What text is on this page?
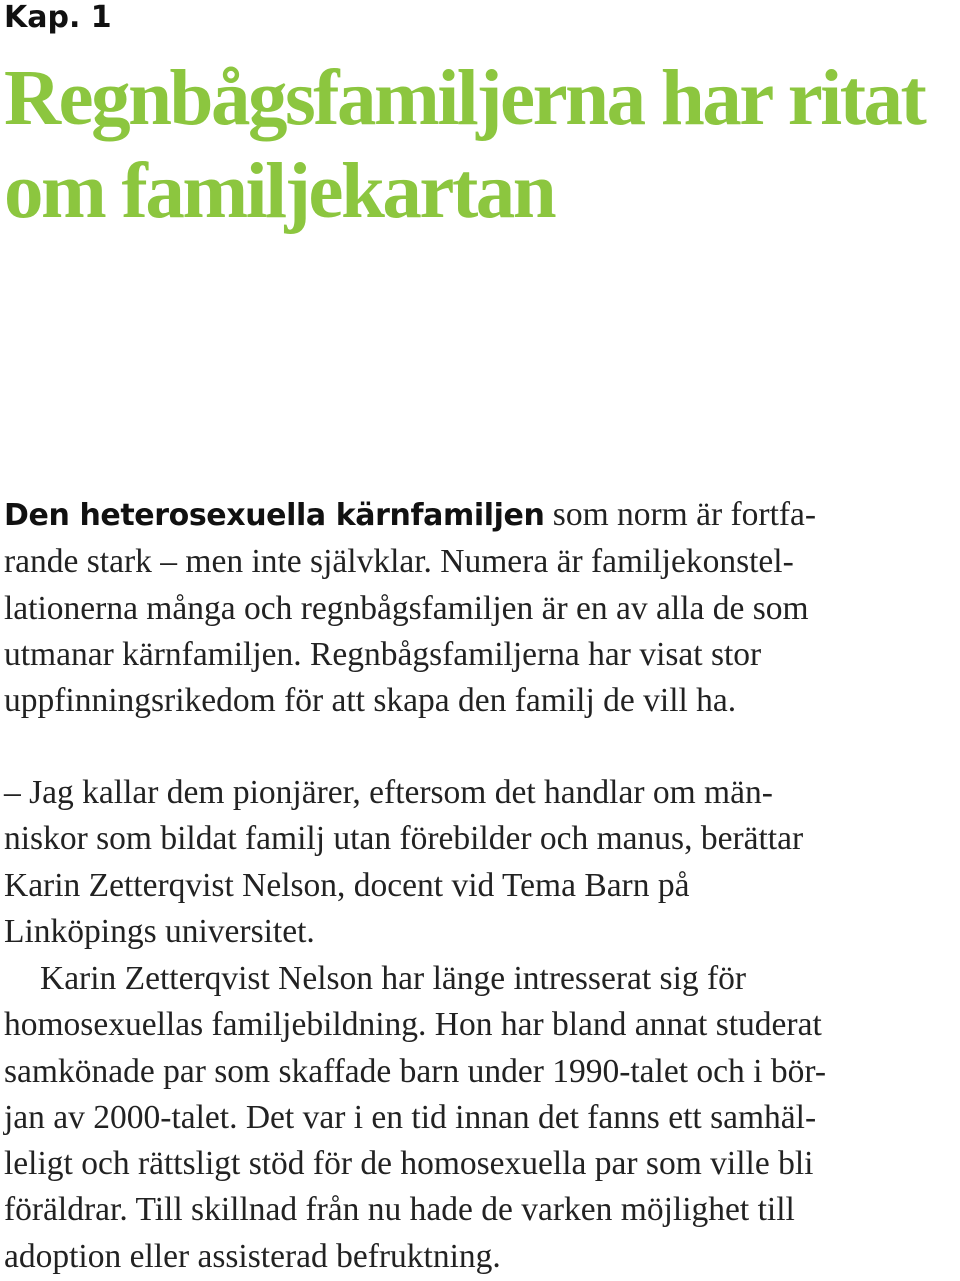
Kap. 1

Regnbågsfamiljerna har ritat
om familjekartan

Den heterosexuella kärnfamiljen som norm är fortfa-
rande stark – men inte självklar. Numera är familjekonstel-
lationerna många och regnbågsfamiljen är en av alla de som
utmanar kärnfamiljen. Regnbågsfamiljerna har visat stor
uppfinningsrikedom för att skapa den familj de vill ha.

– Jag kallar dem pionjärer, eftersom det handlar om män-
niskor som bildat familj utan förebilder och manus, berättar
Karin Zetterqvist Nelson, docent vid Tema Barn på
Linköpings universitet.

Karin Zetterqvist Nelson har länge intresserat sig för
homosexuellas familjebildning. Hon har bland annat studerat
samkönade par som skaffade barn under 1990-talet och i bör-
jan av 2000-talet. Det var i en tid innan det fanns ett samhäl-
leligt och rättsligt stöd för de homosexuella par som ville bli
föräldrar. Till skillnad från nu hade de varken möjlighet till
adoption eller assisterad befruktning.
